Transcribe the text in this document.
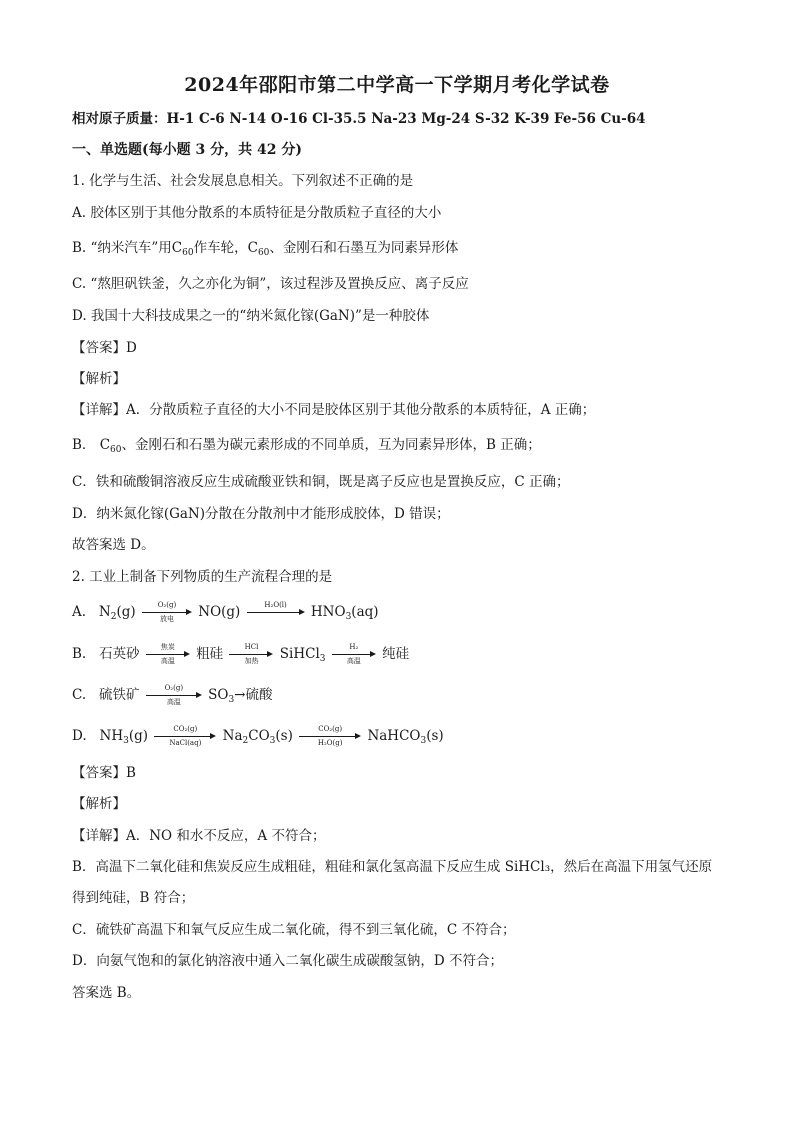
2024年邵阳市第二中学高一下学期月考化学试卷
相对原子质量：H-1 C-6 N-14 O-16 Cl-35.5 Na-23 Mg-24 S-32 K-39 Fe-56 Cu-64
一、单选题(每小题 3 分，共 42 分)
1. 化学与生活、社会发展息息相关。下列叙述不正确的是
A. 胶体区别于其他分散系的本质特征是分散质粒子直径的大小
B. “纳米汽车”用$C_{60}$作车轮，$C_{60}$、金刚石和石墨互为同素异形体
C. “熬胆矾铁釜，久之亦化为铜”，该过程涉及置换反应、离子反应
D. 我国十大科技成果之一的“纳米氮化镓(GaN)”是一种胶体
【答案】D
【解析】
【详解】A．分散质粒子直径的大小不同是胶体区别于其他分散系的本质特征，A 正确；
B． $C_{60}$、金刚石和石墨为碳元素形成的不同单质，互为同素异形体，B 正确；
C．铁和硫酸铜溶液反应生成硫酸亚铁和铜，既是离子反应也是置换反应，C 正确；
D．纳米氮化镓(GaN)分散在分散剂中才能形成胶体，D 错误；
故答案选 D。
2. 工业上制备下列物质的生产流程合理的是
A. $N_2(g)$	O₂(g)
放电	NO(g)	H₂O(l)	$HNO_3(aq)$
B. 石英砂	焦炭
高温	粗硅	HCl
加热	SiHCl$_3$
H₂
高温	纯硅
C. 硫铁矿	O₂(g)
高温	$SO_3\to$硫酸
D. $NH_3(g)$	CO₂(g)
NaCl(aq)	$Na_2CO_3(s) \frac{\text{CO₂(g)}}{\text{H₂O(g)}}$ NaHCO$_3$(s)
【答案】B
【解析】
【详解】A．NO 和水不反应，A 不符合；
B．高温下二氧化硅和焦炭反应生成粗硅，粗硅和氯化氢高温下反应生成 SiHCl₃，然后在高温下用氢气还原
得到纯硅，B 符合；
C．硫铁矿高温下和氧气反应生成二氧化硫，得不到三氧化硫，C 不符合；
D．向氨气饱和的氯化钠溶液中通入二氧化碳生成碳酸氢钠，D 不符合；
答案选 B。
